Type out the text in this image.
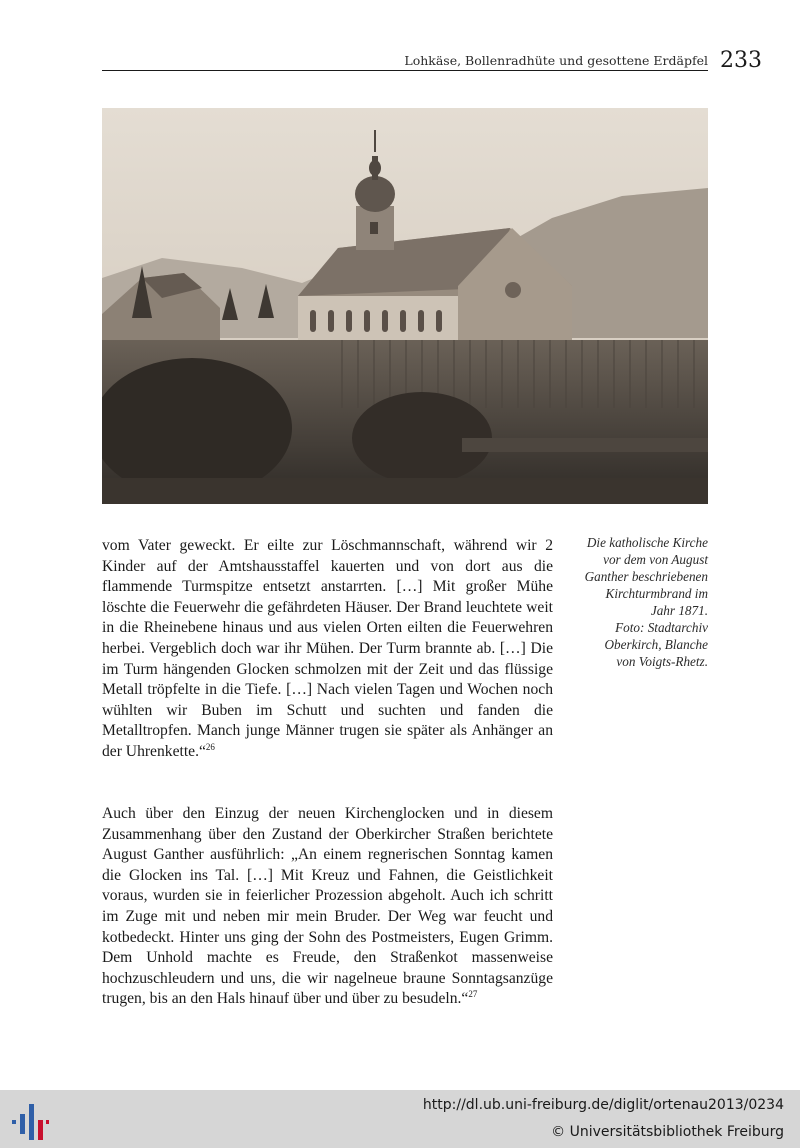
Lohkäse, Bollenradhüte und gesottene Erdäpfel 233

vom Vater geweckt. Er eilte zur Löschmannschaft, während wir 2 Kinder auf der Amtshausstaffel kauerten und von dort aus die flammende Turmspitze entsetzt anstarrten. […] Mit großer Mühe löschte die Feuerwehr die gefährdeten Häuser. Der Brand leuchtete weit in die Rheinebene hinaus und aus vielen Orten eilten die Feuerwehren herbei. Vergeblich doch war ihr Mühen. Der Turm brannte ab. […] Die im Turm hängenden Glocken schmolzen mit der Zeit und das flüssige Metall tröpfelte in die Tiefe. […] Nach vielen Tagen und Wochen noch wühlten wir Buben im Schutt und suchten und fanden die Metalltropfen. Manch junge Männer trugen sie später als Anhänger an der Uhrenkette.“$^{26}$

Die katholische Kirche
vor dem von August
Ganther beschriebenen
Kirchturmbrand im
Jahr 1871.
Foto: Stadtarchiv
Oberkirch, Blanche
von Voigts-Rhetz.

Auch über den Einzug der neuen Kirchenglocken und in diesem Zusammenhang über den Zustand der Oberkircher Straßen berichtete August Ganther ausführlich: „An einem regnerischen Sonntag kamen die Glocken ins Tal. […] Mit Kreuz und Fahnen, die Geistlichkeit voraus, wurden sie in feierlicher Prozession abgeholt. Auch ich schritt im Zuge mit und neben mir mein Bruder. Der Weg war feucht und kotbedeckt. Hinter uns ging der Sohn des Postmeisters, Eugen Grimm. Dem Unhold machte es Freude, den Straßenkot massenweise hochzuschleudern und uns, die wir nagelneue braune Sonntagsanzüge trugen, bis an den Hals hinauf über und über zu besudeln.“$^{27}$

http://dl.ub.uni-freiburg.de/diglit/ortenau2013/0234
© Universitätsbibliothek Freiburg
